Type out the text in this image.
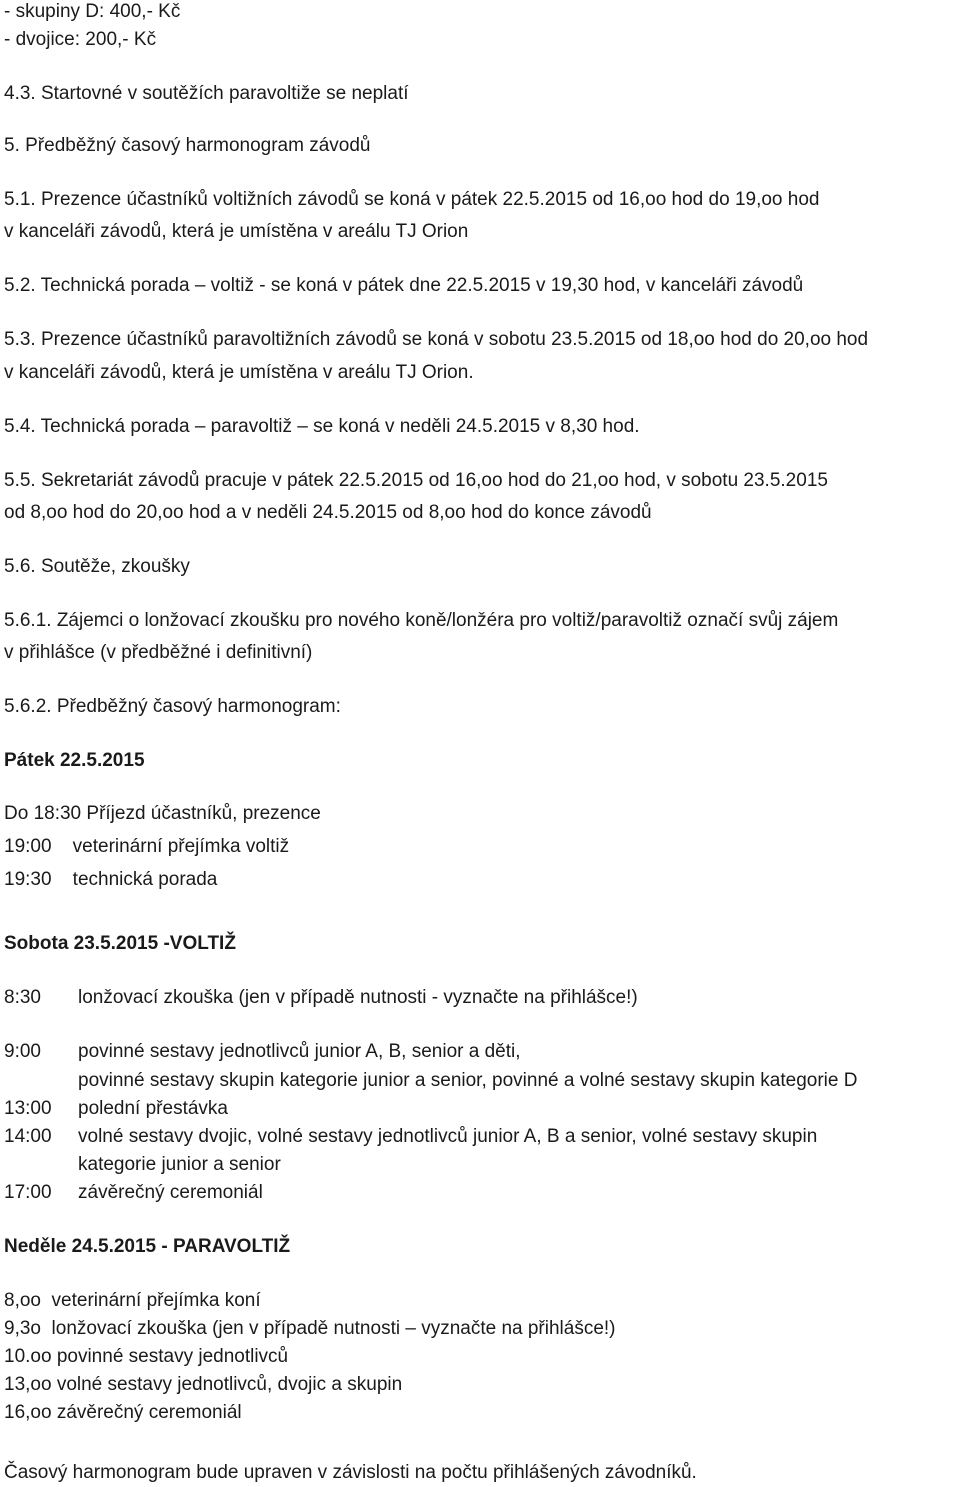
- skupiny D: 400,- Kč
- dvojice: 200,- Kč
4.3. Startovné v soutěžích paravoltiže se neplatí
5. Předběžný časový harmonogram závodů
5.1. Prezence účastníků voltižních závodů se koná v pátek 22.5.2015 od 16,oo hod do 19,oo hod
v kanceláři závodů, která je umístěna v areálu TJ Orion
5.2. Technická porada – voltiž - se koná v pátek dne 22.5.2015 v 19,30 hod, v kanceláři závodů
5.3. Prezence účastníků paravoltižních závodů se koná v sobotu 23.5.2015 od 18,oo hod do 20,oo hod
v kanceláři závodů, která je umístěna v areálu TJ Orion.
5.4. Technická porada – paravoltiž – se koná v neděli 24.5.2015 v 8,30 hod.
5.5. Sekretariát závodů pracuje v pátek 22.5.2015 od 16,oo hod do 21,oo hod, v sobotu 23.5.2015
od 8,oo hod do 20,oo hod a v neděli 24.5.2015 od 8,oo hod do konce závodů
5.6. Soutěže, zkoušky
5.6.1. Zájemci o lonžovací zkoušku pro nového koně/lonžéra pro voltiž/paravoltiž označí svůj zájem
v přihlášce (v předběžné i definitivní)
5.6.2. Předběžný časový harmonogram:
Pátek 22.5.2015
Do 18:30 Příjezd účastníků, prezence
19:00    veterinární přejímka voltiž
19:30    technická porada
Sobota 23.5.2015 -VOLTIŽ
8:30 lonžovací zkouška (jen v případě nutnosti - vyznačte na přihlášce!)
9:00 povinné sestavy jednotlivců junior A, B, senior a děti,
povinné sestavy skupin kategorie junior a senior, povinné a volné sestavy skupin kategorie D
13:00 polední přestávka
14:00 volné sestavy dvojic, volné sestavy jednotlivců junior A, B a senior, volné sestavy skupin
kategorie junior a senior
17:00 závěrečný ceremoniál
Neděle 24.5.2015 - PARAVOLTIŽ
8,oo  veterinární přejímka koní
9,3o  lonžovací zkouška (jen v případě nutnosti – vyznačte na přihlášce!)
10.oo povinné sestavy jednotlivců
13,oo volné sestavy jednotlivců, dvojic a skupin
16,oo závěrečný ceremoniál
Časový harmonogram bude upraven v závislosti na počtu přihlášených závodníků.
